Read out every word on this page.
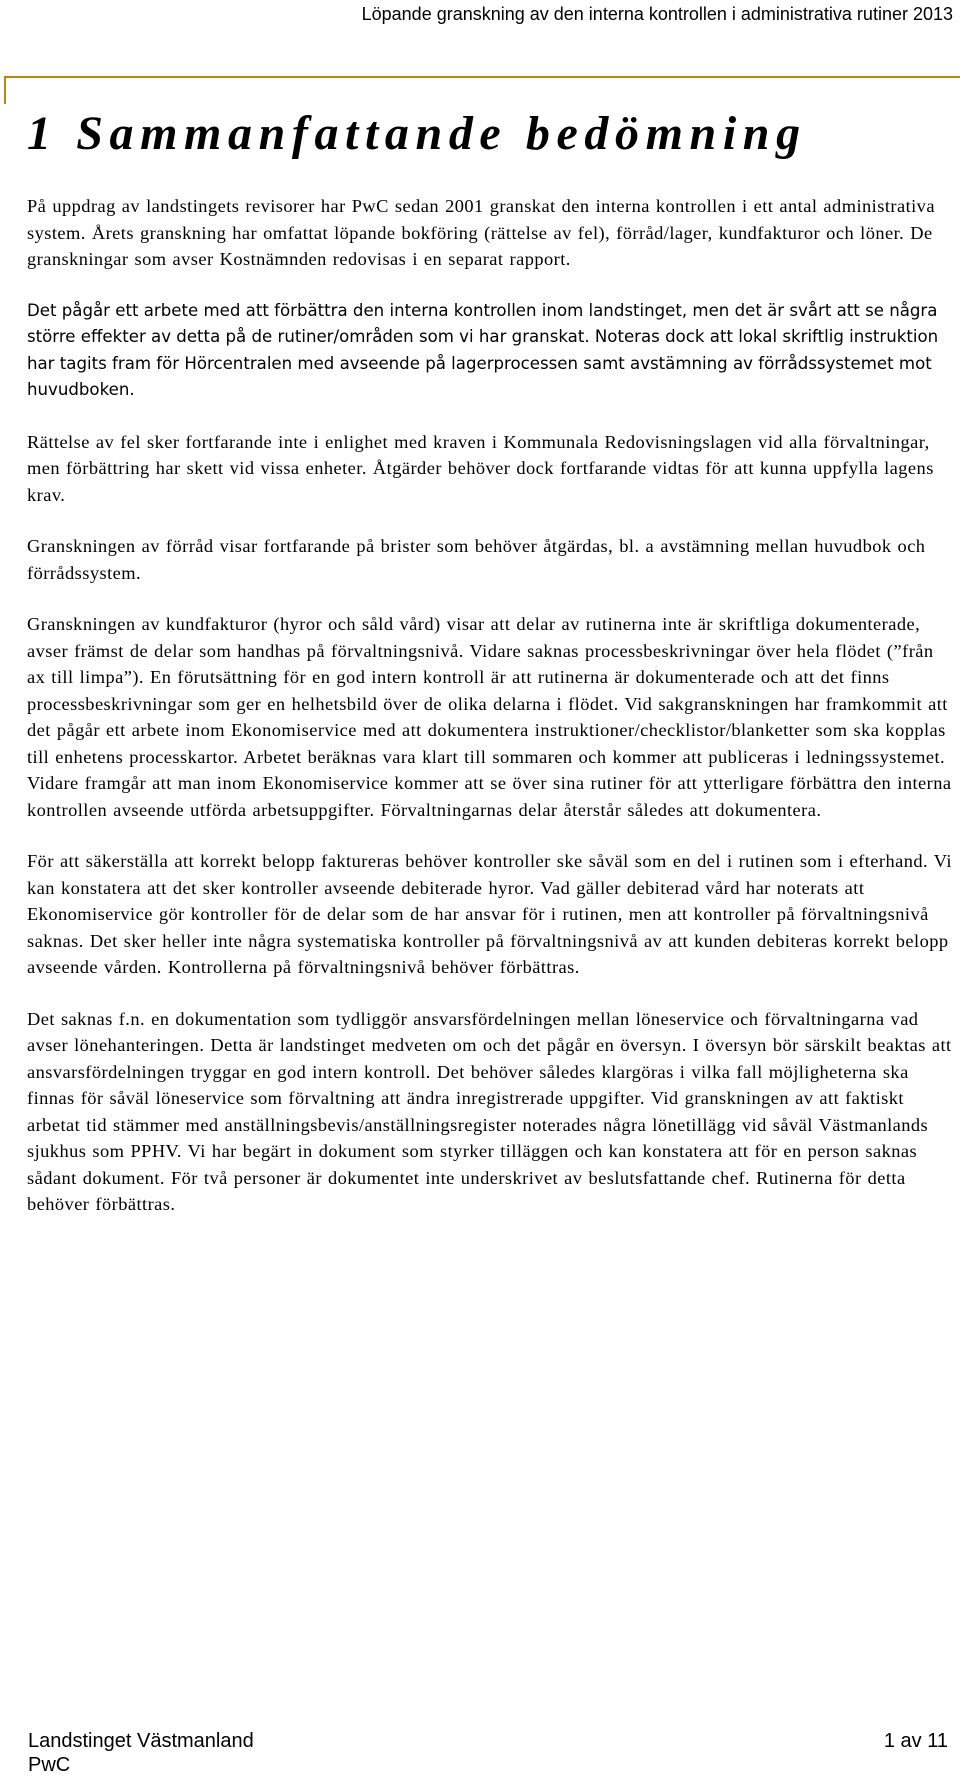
Löpande granskning av den interna kontrollen i administrativa rutiner 2013
1 Sammanfattande bedömning

På uppdrag av landstingets revisorer har PwC sedan 2001 granskat den interna kontrollen i ett antal administrativa system. Årets granskning har omfattat löpande bokföring (rättelse av fel), förråd/lager, kundfakturor och löner. De granskningar som avser Kostnämnden redovisas i en separat rapport.

Det pågår ett arbete med att förbättra den interna kontrollen inom landstinget, men det är svårt att se några större effekter av detta på de rutiner/områden som vi har granskat. Noteras dock att lokal skriftlig instruktion har tagits fram för Hörcentralen med avseende på lagerprocessen samt avstämning av förrådssystemet mot huvudboken.

Rättelse av fel sker fortfarande inte i enlighet med kraven i Kommunala Redovisningslagen vid alla förvaltningar, men förbättring har skett vid vissa enheter. Åtgärder behöver dock fortfarande vidtas för att kunna uppfylla lagens krav.

Granskningen av förråd visar fortfarande på brister som behöver åtgärdas, bl. a avstämning mellan huvudbok och förrådssystem.

Granskningen av kundfakturor (hyror och såld vård) visar att delar av rutinerna inte är skriftliga dokumenterade, avser främst de delar som handhas på förvaltningsnivå. Vidare saknas processbeskrivningar över hela flödet (”från ax till limpa”). En förutsättning för en god intern kontroll är att rutinerna är dokumenterade och att det finns processbeskrivningar som ger en helhetsbild över de olika delarna i flödet. Vid sakgranskningen har framkommit att det pågår ett arbete inom Ekonomiservice med att dokumentera instruktioner/checklistor/blanketter som ska kopplas till enhetens processkartor. Arbetet beräknas vara klart till sommaren och kommer att publiceras i ledningssystemet. Vidare framgår att man inom Ekonomiservice kommer att se över sina rutiner för att ytterligare förbättra den interna kontrollen avseende utförda arbetsuppgifter. Förvaltningarnas delar återstår således att dokumentera.

För att säkerställa att korrekt belopp faktureras behöver kontroller ske såväl som en del i rutinen som i efterhand. Vi kan konstatera att det sker kontroller avseende debiterade hyror. Vad gäller debiterad vård har noterats att Ekonomiservice gör kontroller för de delar som de har ansvar för i rutinen, men att kontroller på förvaltningsnivå saknas. Det sker heller inte några systematiska kontroller på förvaltningsnivå av att kunden debiteras korrekt belopp avseende vården. Kontrollerna på förvaltningsnivå behöver förbättras.

Det saknas f.n. en dokumentation som tydliggör ansvarsfördelningen mellan löneservice och förvaltningarna vad avser lönehanteringen. Detta är landstinget medveten om och det pågår en översyn. I översyn bör särskilt beaktas att ansvarsfördelningen tryggar en god intern kontroll. Det behöver således klargöras i vilka fall möjligheterna ska finnas för såväl löneservice som förvaltning att ändra inregistrerade uppgifter. Vid granskningen av att faktiskt arbetat tid stämmer med anställningsbevis/anställningsregister noterades några lönetillägg vid såväl Västmanlands sjukhus som PPHV. Vi har begärt in dokument som styrker tilläggen och kan konstatera att för en person saknas sådant dokument. För två personer är dokumentet inte underskrivet av beslutsfattande chef. Rutinerna för detta behöver förbättras.

Landstinget Västmanland	1 av 11
PwC
